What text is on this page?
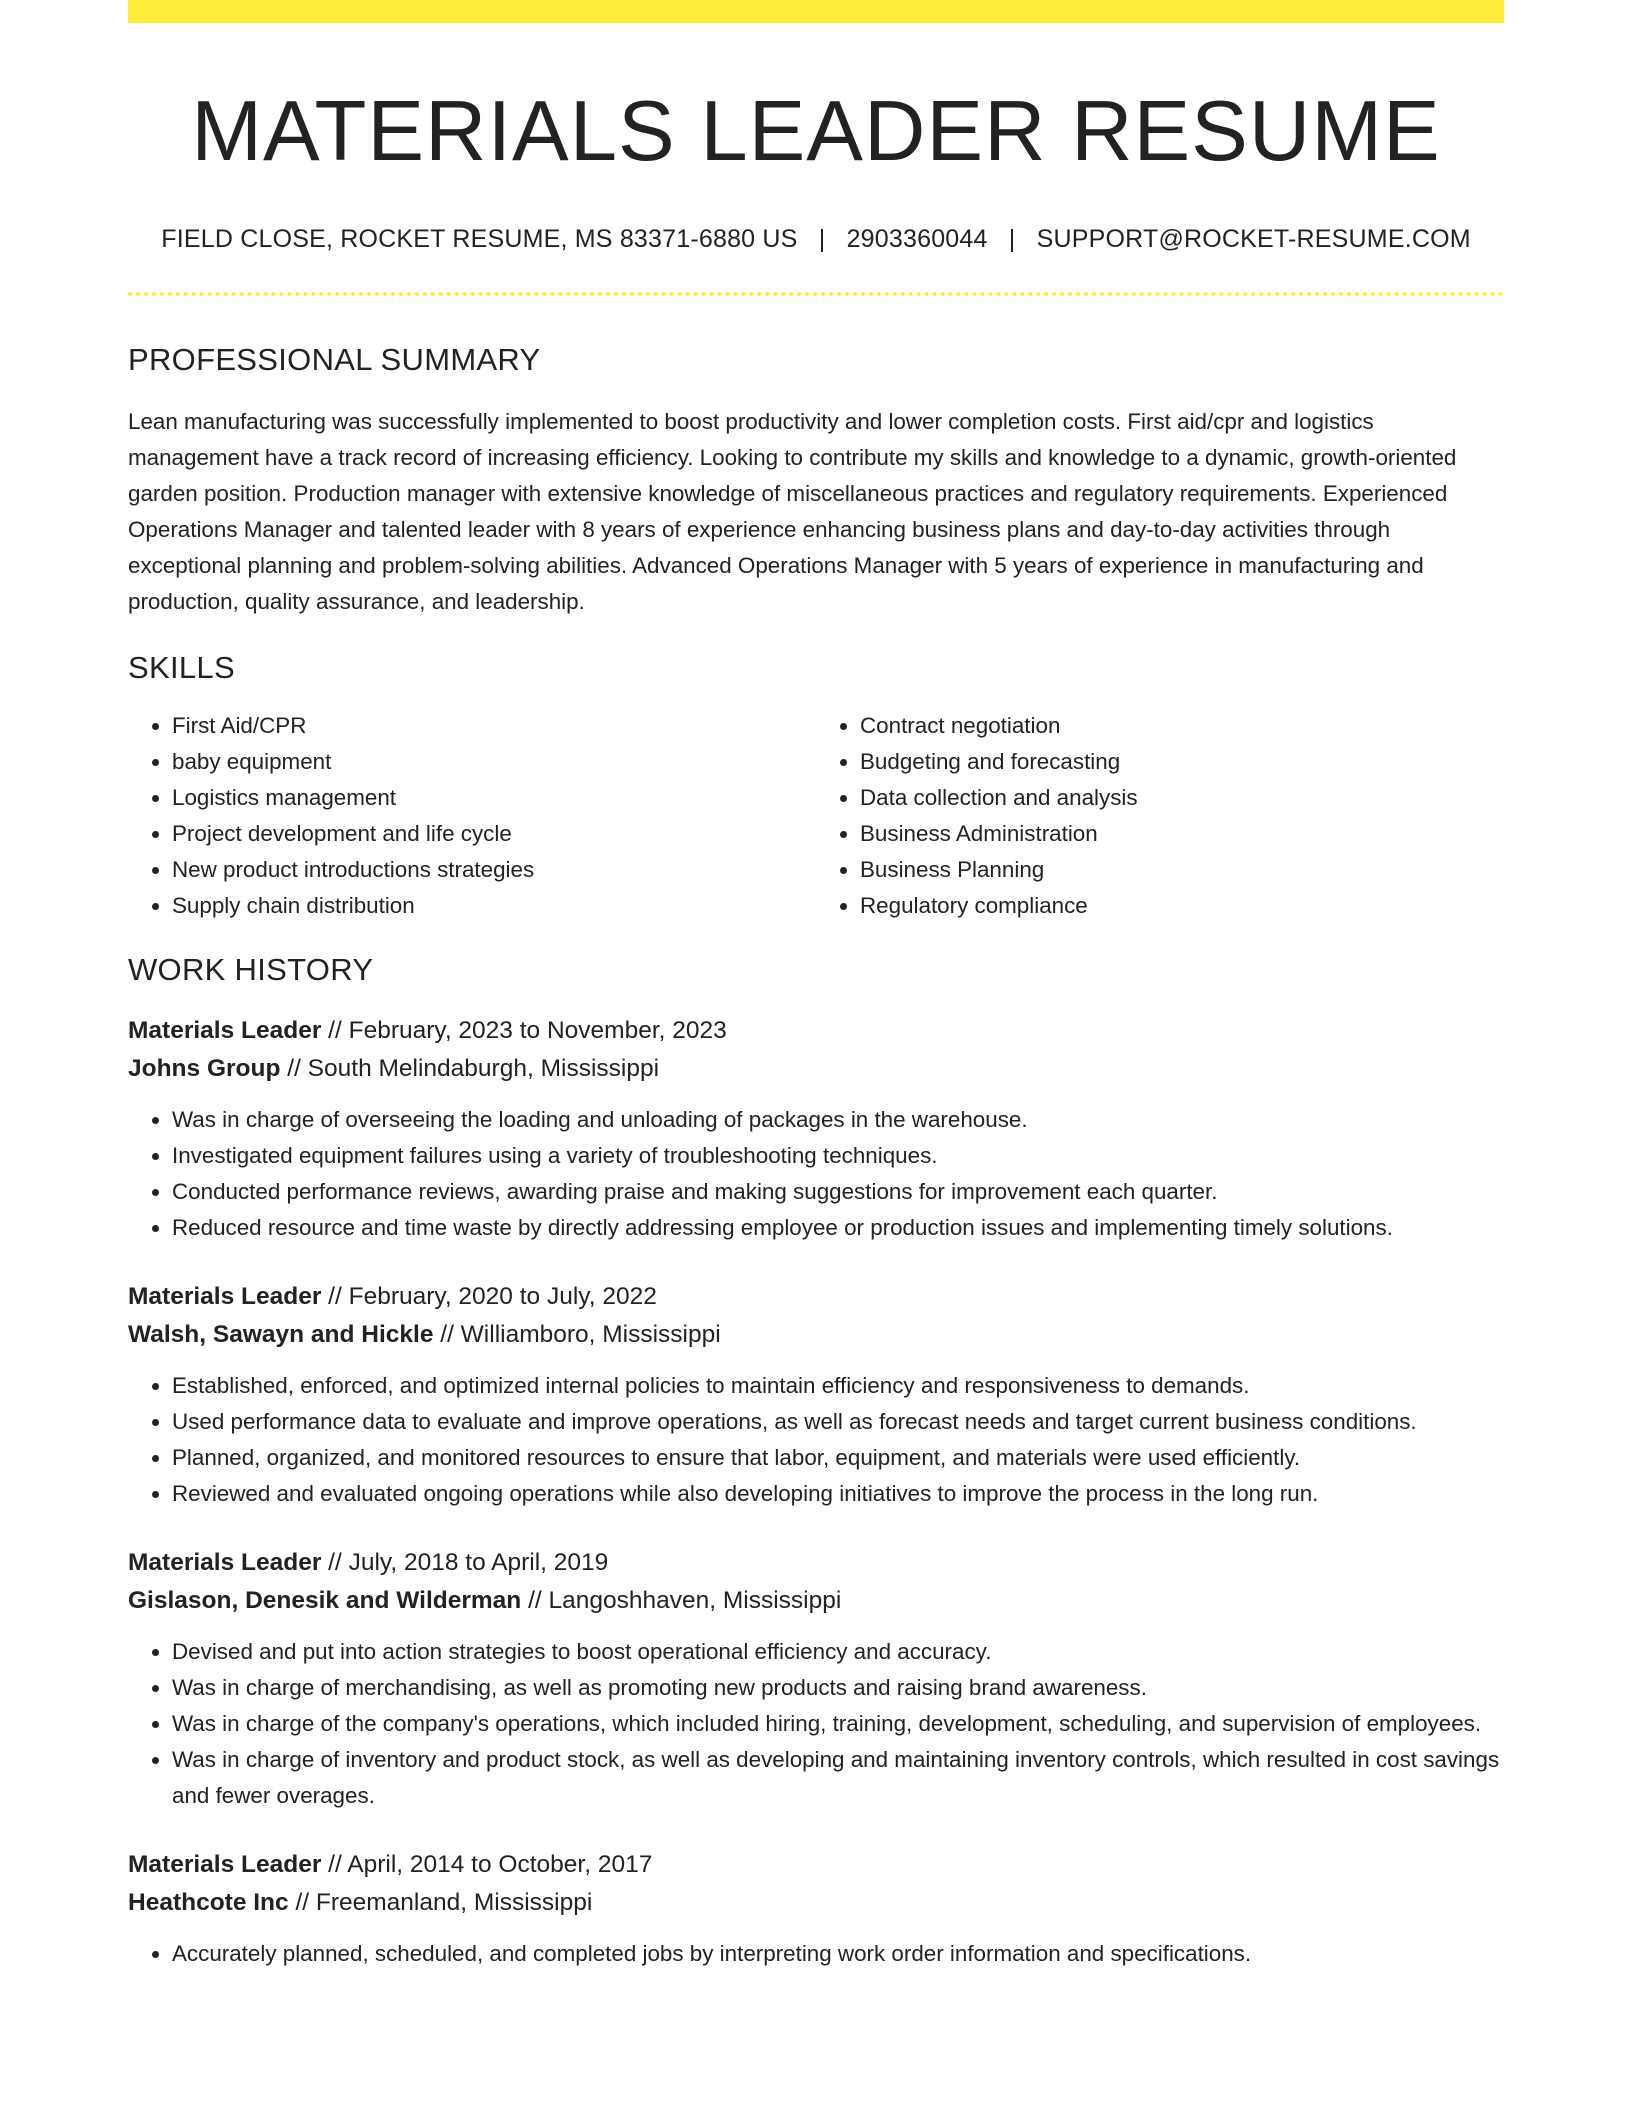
MATERIALS LEADER RESUME
FIELD CLOSE, ROCKET RESUME, MS 83371-6880 US | 2903360044 | SUPPORT@ROCKET-RESUME.COM
PROFESSIONAL SUMMARY

Lean manufacturing was successfully implemented to boost productivity and lower completion costs. First aid/cpr and logistics management have a track record of increasing efficiency. Looking to contribute my skills and knowledge to a dynamic, growth-oriented garden position. Production manager with extensive knowledge of miscellaneous practices and regulatory requirements. Experienced Operations Manager and talented leader with 8 years of experience enhancing business plans and day-to-day activities through exceptional planning and problem-solving abilities. Advanced Operations Manager with 5 years of experience in manufacturing and production, quality assurance, and leadership.

SKILLS
• First Aid/CPR
• baby equipment
• Logistics management
• Project development and life cycle
• New product introductions strategies
• Supply chain distribution
• Contract negotiation
• Budgeting and forecasting
• Data collection and analysis
• Business Administration
• Business Planning
• Regulatory compliance
WORK HISTORY
Materials Leader // February, 2023 to November, 2023
Johns Group // South Melindaburgh, Mississippi
• Was in charge of overseeing the loading and unloading of packages in the warehouse.
• Investigated equipment failures using a variety of troubleshooting techniques.
• Conducted performance reviews, awarding praise and making suggestions for improvement each quarter.
• Reduced resource and time waste by directly addressing employee or production issues and implementing timely solutions.
Materials Leader // February, 2020 to July, 2022
Walsh, Sawayn and Hickle // Williamboro, Mississippi
• Established, enforced, and optimized internal policies to maintain efficiency and responsiveness to demands.
• Used performance data to evaluate and improve operations, as well as forecast needs and target current business conditions.
• Planned, organized, and monitored resources to ensure that labor, equipment, and materials were used efficiently.
• Reviewed and evaluated ongoing operations while also developing initiatives to improve the process in the long run.
Materials Leader // July, 2018 to April, 2019
Gislason, Denesik and Wilderman // Langoshhaven, Mississippi
• Devised and put into action strategies to boost operational efficiency and accuracy.
• Was in charge of merchandising, as well as promoting new products and raising brand awareness.
• Was in charge of the company's operations, which included hiring, training, development, scheduling, and supervision of employees.
• Was in charge of inventory and product stock, as well as developing and maintaining inventory controls, which resulted in cost savings and fewer overages.
Materials Leader // April, 2014 to October, 2017
Heathcote Inc // Freemanland, Mississippi
• Accurately planned, scheduled, and completed jobs by interpreting work order information and specifications.
